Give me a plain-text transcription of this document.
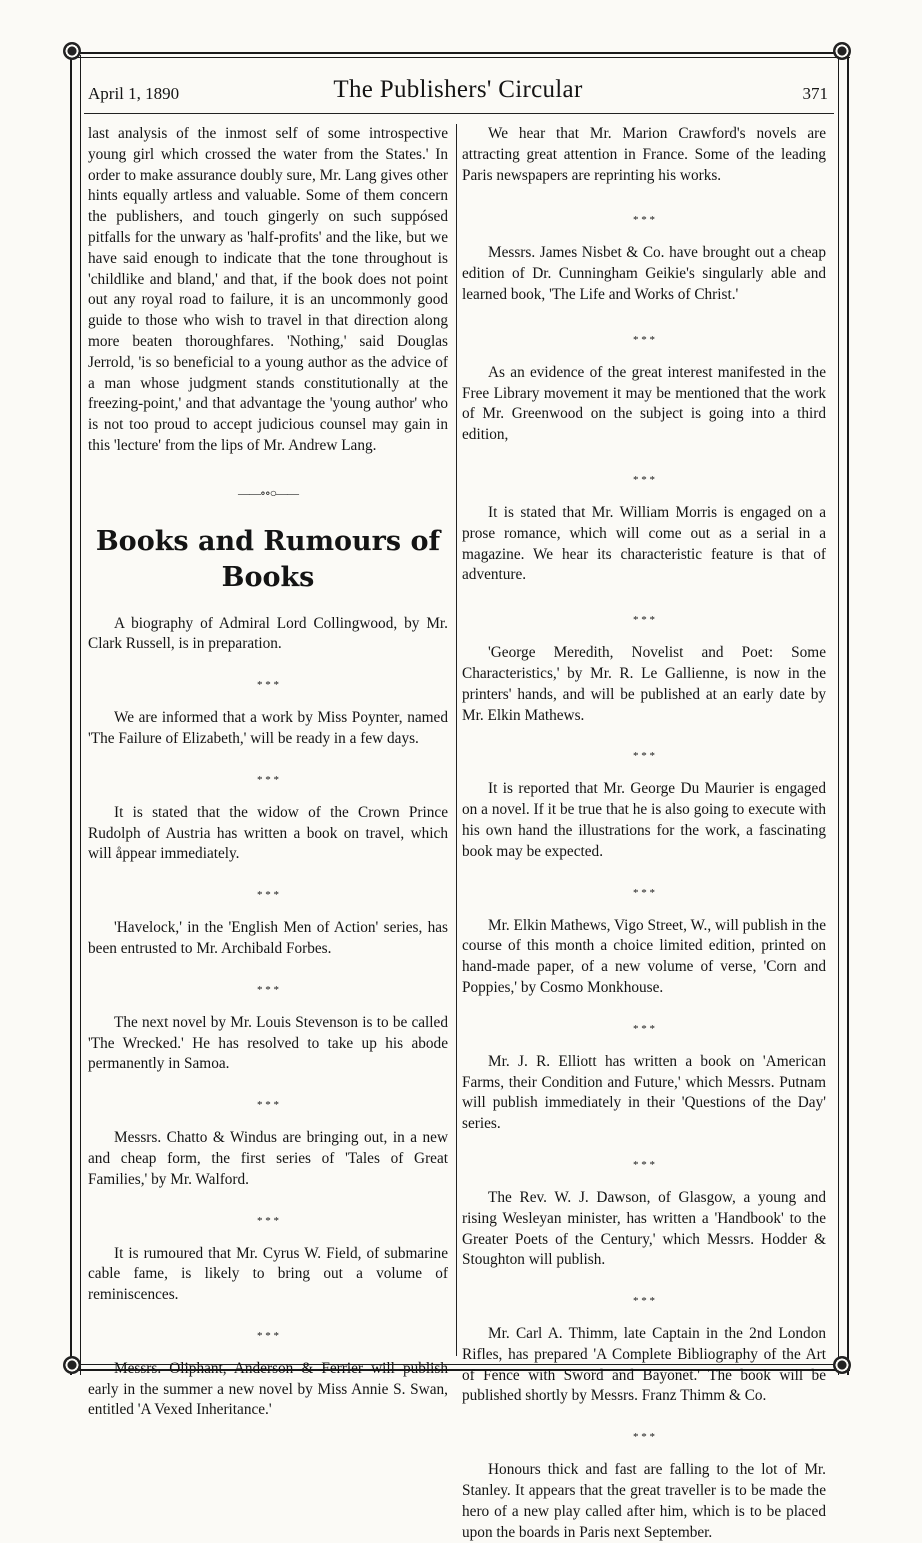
April 1, 1890	The Publishers' Circular	371

last analysis of the inmost self of some introspective young girl which crossed the water from the States.' In order to make assurance doubly sure, Mr. Lang gives other hints equally artless and valuable. Some of them concern the publishers, and touch gingerly on such suppósed pitfalls for the unwary as 'half-profits' and the like, but we have said enough to indicate that the tone throughout is 'childlike and bland,' and that, if the book does not point out any royal road to failure, it is an uncommonly good guide to those who wish to travel in that direction along more beaten thoroughfares. 'Nothing,' said Douglas Jerrold, 'is so beneficial to a young author as the advice of a man whose judgment stands constitutionally at the freezing-point,' and that advantage the 'young author' who is not too proud to accept judicious counsel may gain in this 'lecture' from the lips of Mr. Andrew Lang.

——∘∘○——
Books and Rumours of Books

A biography of Admiral Lord Collingwood, by Mr. Clark Russell, is in preparation.

* * *

We are informed that a work by Miss Poynter, named 'The Failure of Elizabeth,' will be ready in a few days.

* * *

It is stated that the widow of the Crown Prince Rudolph of Austria has written a book on travel, which will åppear immediately.

* * *

'Havelock,' in the 'English Men of Action' series, has been entrusted to Mr. Archibald Forbes.

* * *

The next novel by Mr. Louis Stevenson is to be called 'The Wrecked.' He has resolved to take up his abode permanently in Samoa.

* * *

Messrs. Chatto & Windus are bringing out, in a new and cheap form, the first series of 'Tales of Great Families,' by Mr. Walford.

* * *

It is rumoured that Mr. Cyrus W. Field, of submarine cable fame, is likely to bring out a volume of reminiscences.

* * *

Messrs. Oliphant, Anderson & Ferrier will publish early in the summer a new novel by Miss Annie S. Swan, entitled 'A Vexed Inheritance.'

We hear that Mr. Marion Crawford's novels are attracting great attention in France. Some of the leading Paris newspapers are reprinting his works.

* * *

Messrs. James Nisbet & Co. have brought out a cheap edition of Dr. Cunningham Geikie's singularly able and learned book, 'The Life and Works of Christ.'

* * *

As an evidence of the great interest manifested in the Free Library movement it may be mentioned that the work of Mr. Greenwood on the subject is going into a third edition,

* * *

It is stated that Mr. William Morris is engaged on a prose romance, which will come out as a serial in a magazine. We hear its characteristic feature is that of adventure.

* * *

'George Meredith, Novelist and Poet: Some Characteristics,' by Mr. R. Le Gallienne, is now in the printers' hands, and will be published at an early date by Mr. Elkin Mathews.

* * *

It is reported that Mr. George Du Maurier is engaged on a novel. If it be true that he is also going to execute with his own hand the illustrations for the work, a fascinating book may be expected.

* * *

Mr. Elkin Mathews, Vigo Street, W., will publish in the course of this month a choice limited edition, printed on hand-made paper, of a new volume of verse, 'Corn and Poppies,' by Cosmo Monkhouse.

* * *

Mr. J. R. Elliott has written a book on 'American Farms, their Condition and Future,' which Messrs. Putnam will publish immediately in their 'Questions of the Day' series.

* * *

The Rev. W. J. Dawson, of Glasgow, a young and rising Wesleyan minister, has written a 'Handbook' to the Greater Poets of the Century,' which Messrs. Hodder & Stoughton will publish.

* * *

Mr. Carl A. Thimm, late Captain in the 2nd London Rifles, has prepared 'A Complete Bibliography of the Art of Fence with Sword and Bayonet.' The book will be published shortly by Messrs. Franz Thimm & Co.

* * *

Honours thick and fast are falling to the lot of Mr. Stanley. It appears that the great traveller is to be made the hero of a new play called after him, which is to be placed upon the boards in Paris next September.
